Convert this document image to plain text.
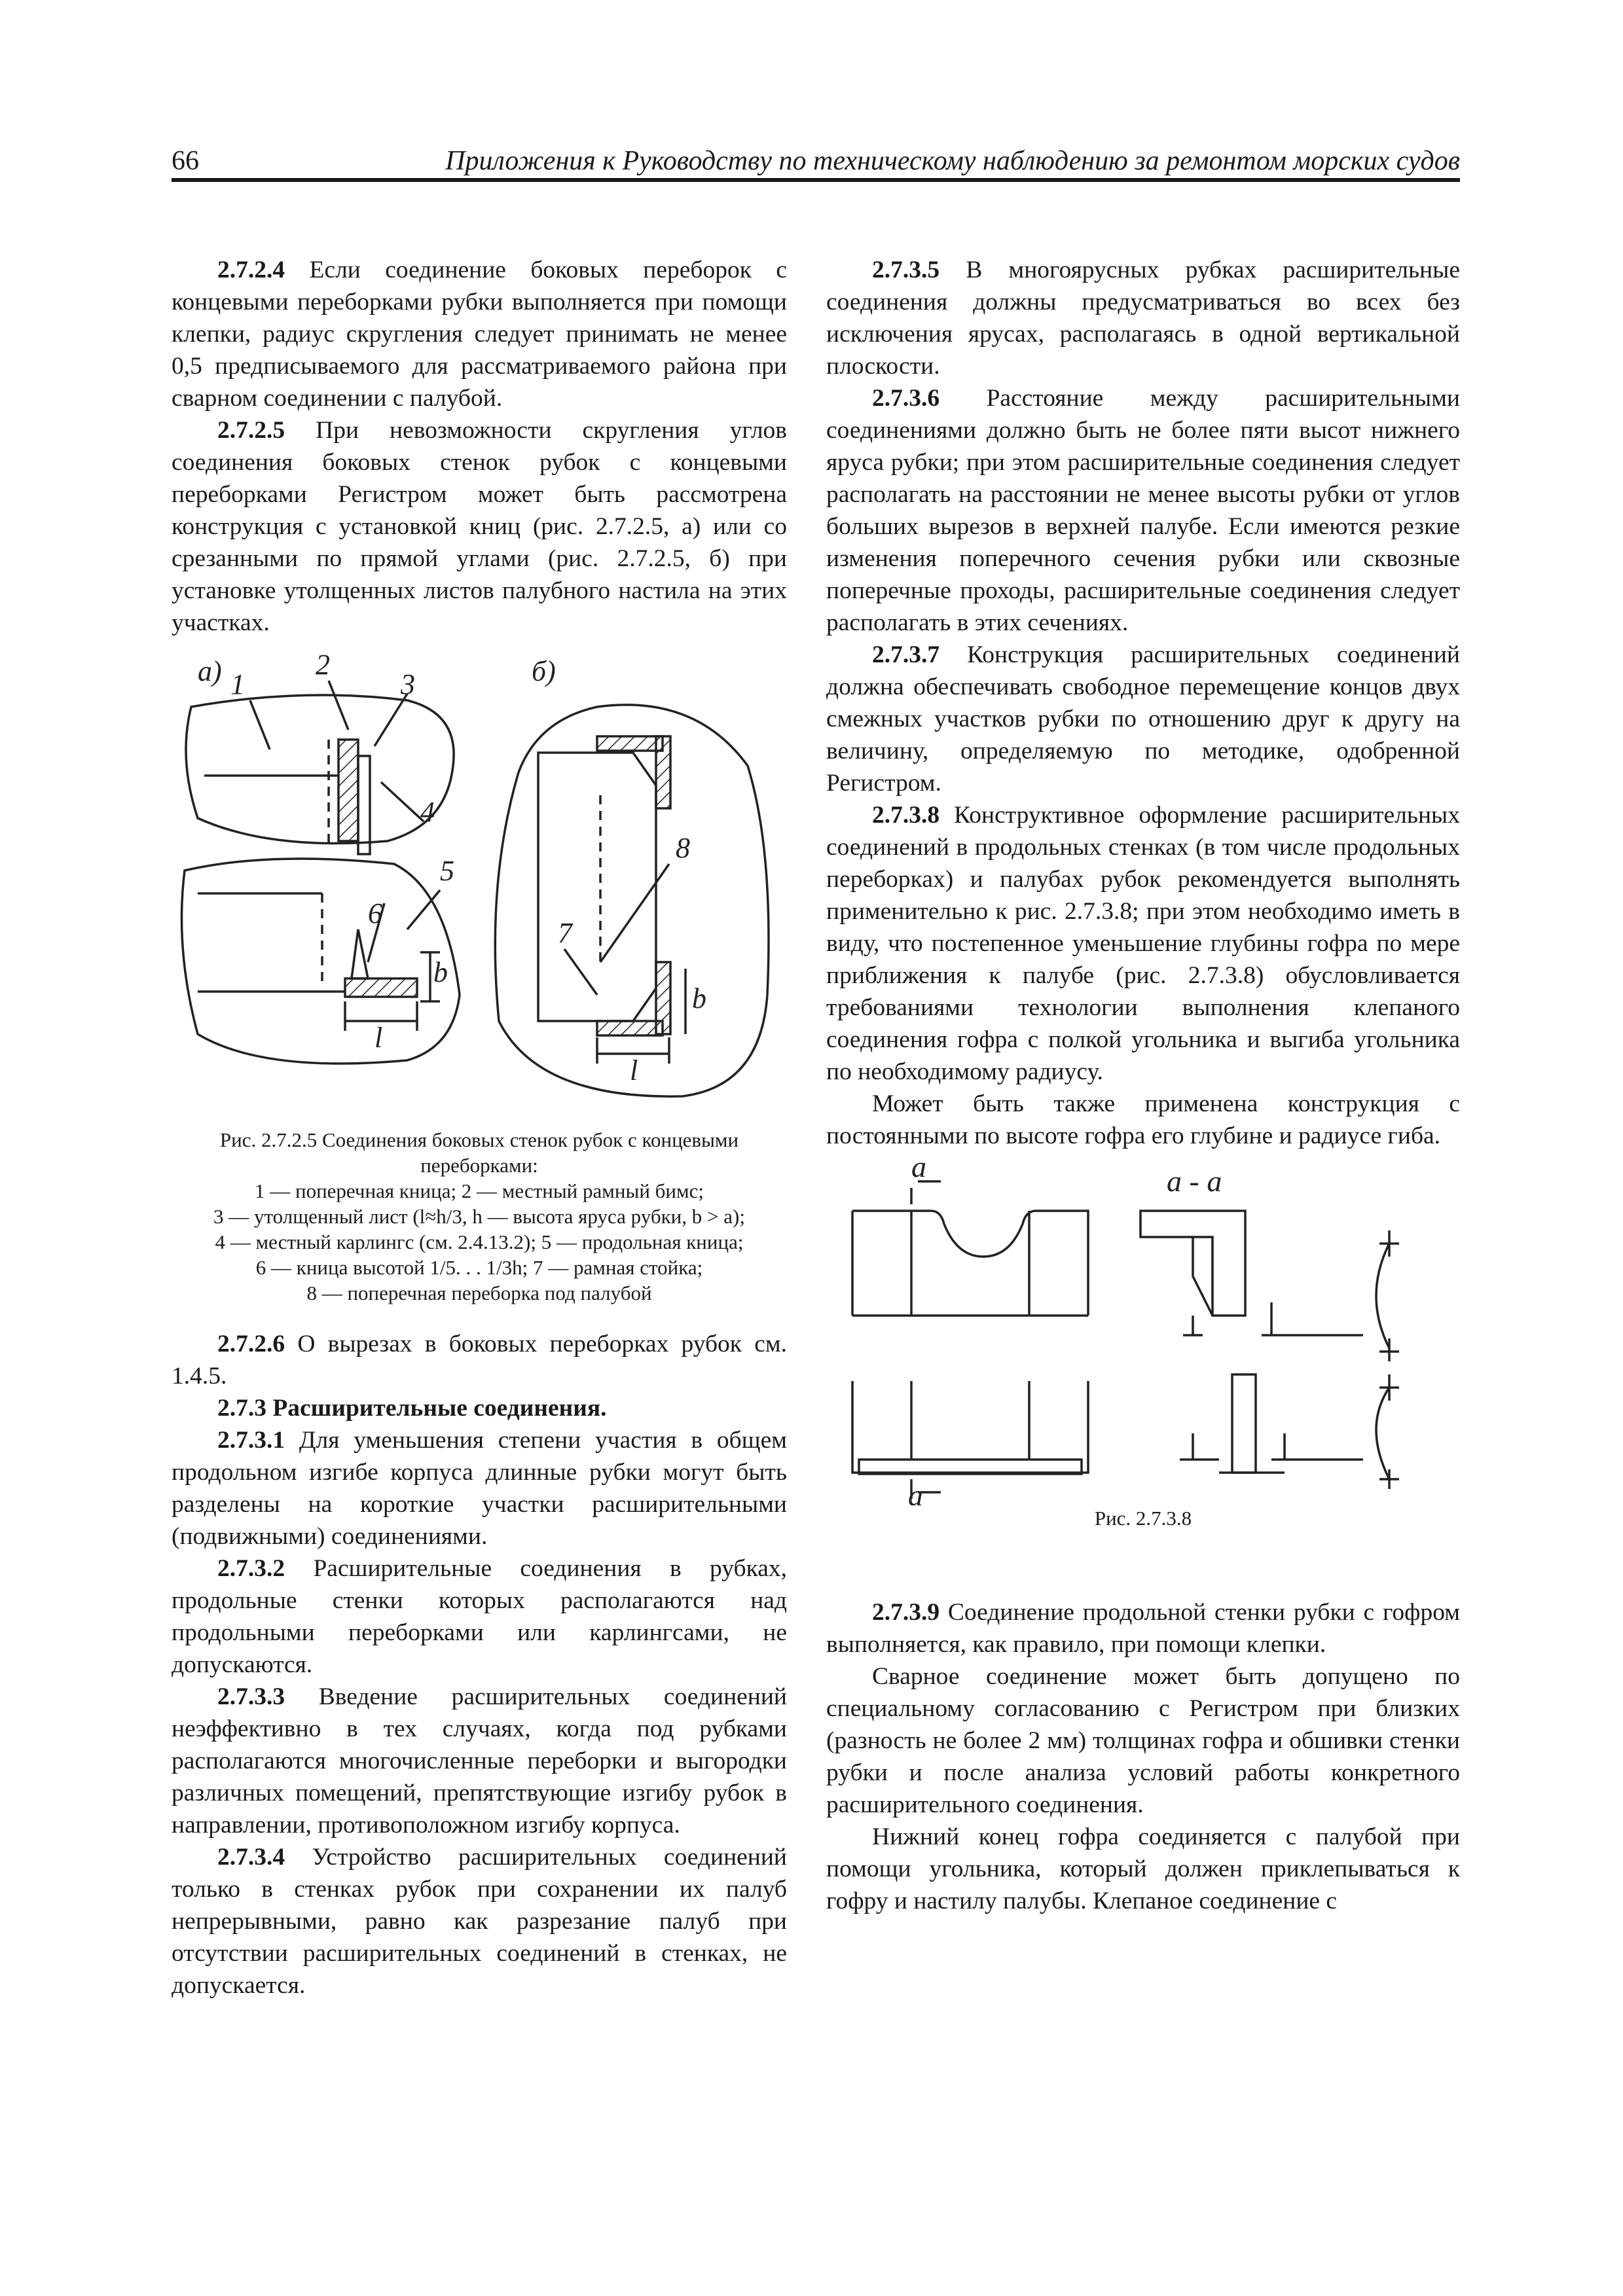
66	Приложения к Руководству по техническому наблюдению за ремонтом морских судов

2.7.2.4 Если соединение боковых переборок с концевыми переборками рубки выполняется при помощи клепки, радиус скругления следует принимать не менее 0,5 предписываемого для рассматриваемого района при сварном соединении с палубой.

2.7.2.5 При невозможности скругления углов соединения боковых стенок рубок с концевыми переборками Регистром может быть рассмотрена конструкция с установкой книц (рис. 2.7.2.5, а) или со срезанными по прямой углами (рис. 2.7.2.5, б) при установке утолщенных листов палубного настила на этих участках.

а)	б)
1
2
3
4
5
6
7
8
l
l
b
b
Рис. 2.7.2.5 Соединения боковых стенок рубок с концевыми переборками:
1 — поперечная кница; 2 — местный рамный бимс;
3 — утолщенный лист (l≈h/3, h — высота яруса рубки, b > a);
4 — местный карлингс (см. 2.4.13.2); 5 — продольная кница;
6 — кница высотой 1/5. . . 1/3h; 7 — рамная стойка;
8 — поперечная переборка под палубой

2.7.2.6 О вырезах в боковых переборках рубок см. 1.4.5.

2.7.3 Расширительные соединения.

2.7.3.1 Для уменьшения степени участия в общем продольном изгибе корпуса длинные рубки могут быть разделены на короткие участки расширительными (подвижными) соединениями.

2.7.3.2 Расширительные соединения в рубках, продольные стенки которых располагаются над продольными переборками или карлингсами, не допускаются.

2.7.3.3 Введение расширительных соединений неэффективно в тех случаях, когда под рубками располагаются многочисленные переборки и выгородки различных помещений, препятствующие изгибу рубок в направлении, противоположном изгибу корпуса.

2.7.3.4 Устройство расширительных соединений только в стенках рубок при сохранении их палуб непрерывными, равно как разрезание палуб при отсутствии расширительных соединений в стенках, не допускается.

2.7.3.5 В многоярусных рубках расширительные соединения должны предусматриваться во всех без исключения ярусах, располагаясь в одной вертикальной плоскости.

2.7.3.6 Расстояние между расширительными соединениями должно быть не более пяти высот нижнего яруса рубки; при этом расширительные соединения следует располагать на расстоянии не менее высоты рубки от углов больших вырезов в верхней палубе. Если имеются резкие изменения поперечного сечения рубки или сквозные поперечные проходы, расширительные соединения следует располагать в этих сечениях.

2.7.3.7 Конструкция расширительных соединений должна обеспечивать свободное перемещение концов двух смежных участков рубки по отношению друг к другу на величину, определяемую по методике, одобренной Регистром.

2.7.3.8 Конструктивное оформление расширительных соединений в продольных стенках (в том числе продольных переборках) и палубах рубок рекомендуется выполнять применительно к рис. 2.7.3.8; при этом необходимо иметь в виду, что постепенное уменьшение глубины гофра по мере приближения к палубе (рис. 2.7.3.8) обусловливается требованиями технологии выполнения клепаного соединения гофра с полкой угольника и выгиба угольника по необходимому радиусу.

Может быть также применена конструкция с постоянными по высоте гофра его глубине и радиусе гиба.

a	a - a
a
Рис. 2.7.3.8

2.7.3.9 Соединение продольной стенки рубки с гофром выполняется, как правило, при помощи клепки.

Сварное соединение может быть допущено по специальному согласованию с Регистром при близких (разность не более 2 мм) толщинах гофра и обшивки стенки рубки и после анализа условий работы конкретного расширительного соединения.

Нижний конец гофра соединяется с палубой при помощи угольника, который должен приклепываться к гофру и настилу палубы. Клепаное соединение с
